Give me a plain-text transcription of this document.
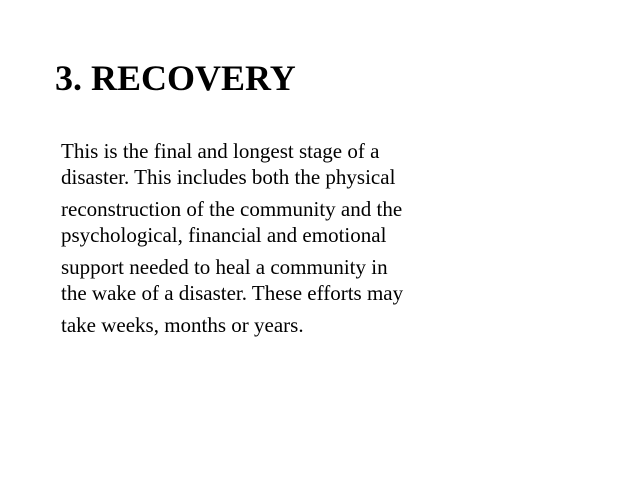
3. RECOVERY
This is the final and longest stage of a
disaster. This includes both the physical
reconstruction of the community and the
psychological, financial and emotional
support needed to heal a community in
the wake of a disaster. These efforts may
take weeks, months or years.
